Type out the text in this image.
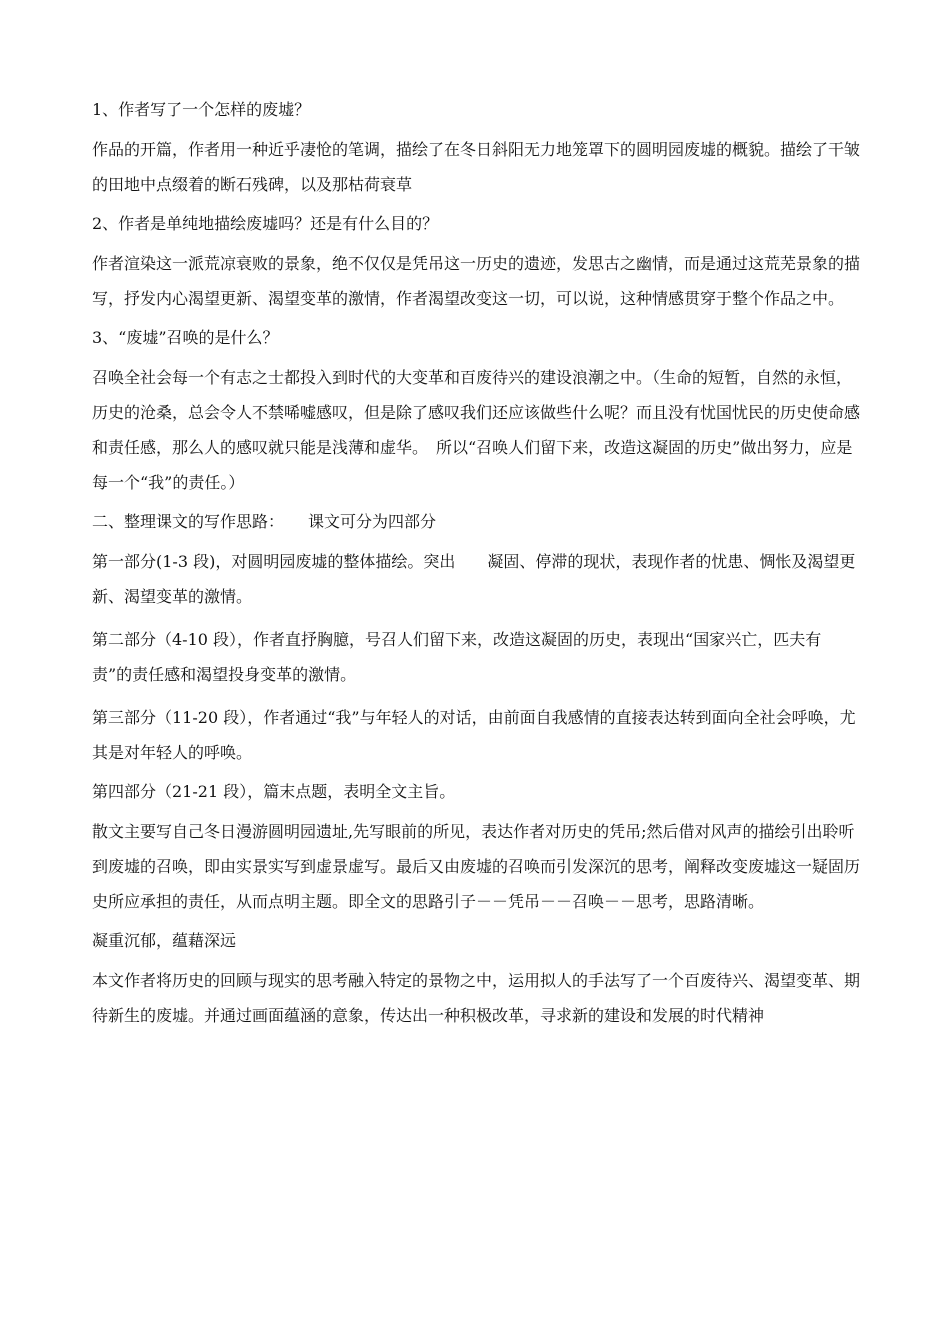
1、作者写了一个怎样的废墟？
作品的开篇，作者用一种近乎凄怆的笔调，描绘了在冬日斜阳无力地笼罩下的圆明园废墟的概貌。描绘了干皱的田地中点缀着的断石残碑，以及那枯荷衰草
2、作者是单纯地描绘废墟吗？还是有什么目的？
作者渲染这一派荒凉衰败的景象，绝不仅仅是凭吊这一历史的遗迹，发思古之幽情，而是通过这荒芜景象的描写，抒发内心渴望更新、渴望变革的激情，作者渴望改变这一切，可以说，这种情感贯穿于整个作品之中。
3、“废墟”召唤的是什么？
召唤全社会每一个有志之士都投入到时代的大变革和百废待兴的建设浪潮之中。（生命的短暂，自然的永恒，历史的沧桑，总会令人不禁唏嘘感叹，但是除了感叹我们还应该做些什么呢？而且没有忧国忧民的历史使命感和责任感，那么人的感叹就只能是浅薄和虚华。　所以“召唤人们留下来，改造这凝固的历史”做出努力，应是每一个“我”的责任。）
二、整理课文的写作思路：　　课文可分为四部分
第一部分(1-3 段)，对圆明园废墟的整体描绘。突出　　凝固、停滞的现状，表现作者的忧患、惆怅及渴望更新、渴望变革的激情。
第二部分（4-10 段），作者直抒胸臆，号召人们留下来，改造这凝固的历史，表现出“国家兴亡，匹夫有责”的责任感和渴望投身变革的激情。
第三部分（11-20 段），作者通过“我”与年轻人的对话，由前面自我感情的直接表达转到面向全社会呼唤，尤其是对年轻人的呼唤。
第四部分（21-21 段），篇末点题，表明全文主旨。
散文主要写自己冬日漫游圆明园遗址,先写眼前的所见，表达作者对历史的凭吊;然后借对风声的描绘引出聆听到废墟的召唤，即由实景实写到虚景虚写。最后又由废墟的召唤而引发深沉的思考，阐释改变废墟这一疑固历史所应承担的责任，从而点明主题。即全文的思路引子－－凭吊－－召唤－－思考，思路清晰。
凝重沉郁，蕴藉深远
本文作者将历史的回顾与现实的思考融入特定的景物之中，运用拟人的手法写了一个百废待兴、渴望变革、期待新生的废墟。并通过画面蕴涵的意象，传达出一种积极改革，寻求新的建设和发展的时代精神
